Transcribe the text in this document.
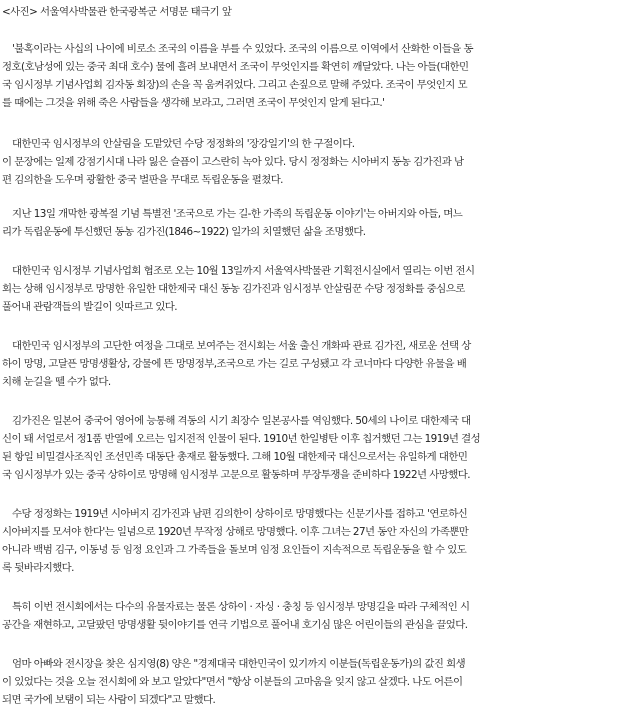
<사진> 서울역사박물관 한국광복군 서명문 태극기 앞
'불혹이라는 사십의 나이에 비로소 조국의 이름을 부를 수 있었다. 조국의 이름으로 이역에서 산화한 이들을 동
정호(호남성에 있는 중국 최대 호수) 물에 흘려 보내면서 조국이 무엇인지를 확연히 깨달았다. 나는 아들(대한민
국 임시정부 기념사업회 김자동 회장)의 손을 꼭 움켜쥐었다. 그리고 손짚으로 말해 주었다. 조국이 무엇인지 모
를 때에는 그것을 위해 죽은 사람들을 생각해 보라고, 그러면 조국이 무엇인지 알게 된다고.'
대한민국 임시정부의 안살림을 도맡았던 수당 정정화의 '장강일기'의 한 구절이다.
이 문장에는 일제 강점기시대 나라 잃은 슬픔이 고스란히 녹아 있다. 당시 정정화는 시아버지 동농 김가진과 남
편 김의한을 도우며 광활한 중국 벌판을 무대로 독립운동을 펼쳤다.
지난 13일 개막한 광복절 기념 특별전 '조국으로 가는 길-한 가족의 독립운동 이야기'는 아버지와 아들, 며느
리가 독립운동에 투신했던 동농 김가진(1846~1922) 일가의 치열했던 삶을 조명했다.
대한민국 임시정부 기념사업회 협조로 오는 10월 13일까지 서울역사박물관 기획전시실에서 열리는 이번 전시
회는 상해 임시정부로 망명한 유일한 대한제국 대신 동농 김가진과 임시정부 안살림꾼 수당 정정화를 중심으로
풀어내 관람객들의 발길이 잇따르고 있다.
대한민국 임시정부의 고단한 여정을 그대로 보여주는 전시회는 서울 출신 개화파 관료 김가진, 새로운 선택 상
하이 망명, 고달픈 망명생활상, 강물에 뜬 망명정부,조국으로 가는 길로 구성됐고 각 코너마다 다양한 유물을 배
치해 눈길을 뗄 수가 없다.
김가진은 일본어 중국어 영어에 능통해 격동의 시기 최장수 일본공사를 역임했다. 50세의 나이로 대한제국 대
신이 돼 서얼로서 정1품 반열에 오르는 입지전적 인물이 된다. 1910년 한일병탄 이후 칩거했던 그는 1919년 결성
된 항일 비밀결사조직인 조선민족 대동단 총재로 활동했다. 그해 10월 대한제국 대신으로서는 유일하게 대한민
국 임시정부가 있는 중국 상하이로 망명해 임시정부 고문으로 활동하며 무장투쟁을 준비하다 1922년 사망했다.
수당 정정화는 1919년 시아버지 김가진과 남편 김의한이 상하이로 망명했다는 신문기사를 접하고 '연로하신
시아버지를 모셔야 한다'는 일념으로 1920년 무작정 상해로 망명했다. 이후 그녀는 27년 동안 자신의 가족뿐만
아니라 백범 김구, 이동녕 등 임정 요인과 그 가족들을 돌보며 임정 요인들이 지속적으로 독립운동을 할 수 있도
록 뒷바라지했다.
특히 이번 전시회에서는 다수의 유물자료는 물론 상하이 · 자싱 · 충칭 등 임시정부 망명길을 따라 구체적인 시
공간을 재현하고, 고달팠던 망명생활 뒷이야기를 연극 기법으로 풀어내 호기심 많은 어린이들의 관심을 끌었다.
엄마 아빠와 전시장을 찾은 심지영(8) 양은 "경제대국 대한민국이 있기까지 이분들(독립운동가)의 값진 희생
이 있었다는 것을 오늘 전시회에 와 보고 알았다"면서 "항상 이분들의 고마움을 잊지 않고 살겠다. 나도 어른이
되면 국가에 보탬이 되는 사람이 되겠다"고 말했다.
